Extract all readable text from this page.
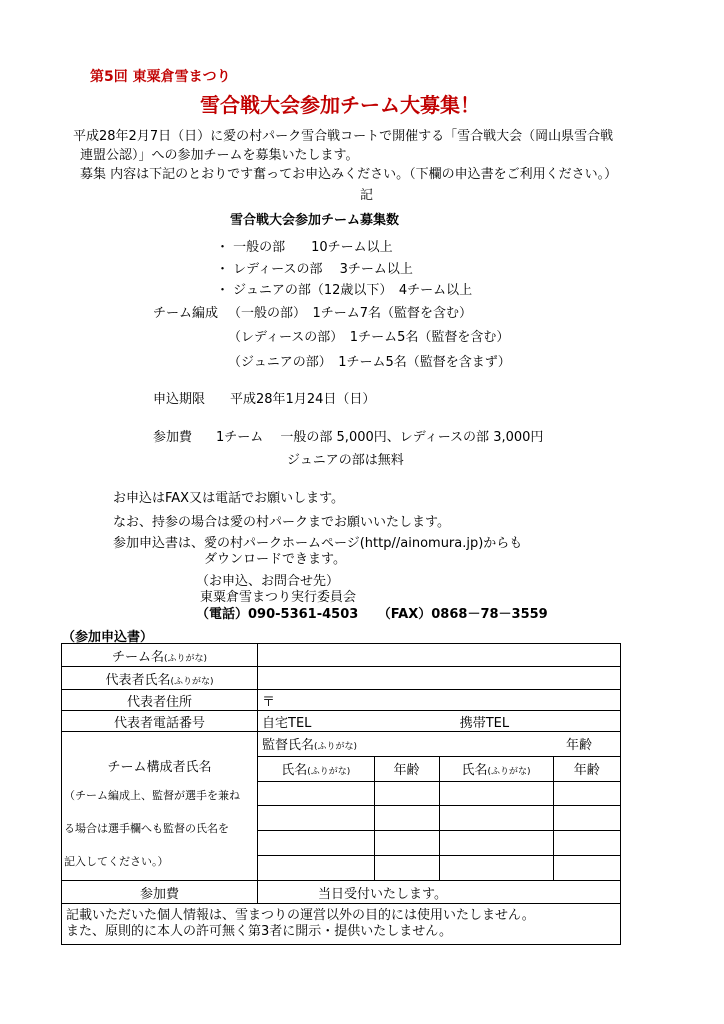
第5回 東粟倉雪まつり
雪合戦大会参加チーム大募集！
平成28年2月7日（日）に愛の村パーク雪合戦コートで開催する「雪合戦大会（岡山県雪合戦
連盟公認）」への参加チームを募集いたします。
募集 内容は下記のとおりです奮ってお申込みください。（下欄の申込書をご利用ください。）
記
雪合戦大会参加チーム募集数
・ 一般の部　　10チーム以上
・ レディースの部　 3チーム以上
・ ジュニアの部（12歳以下）　4チーム以上
チーム編成 （一般の部）　1チーム7名（監督を含む）
（レディースの部）　1チーム5名（監督を含む）
（ジュニアの部）　1チーム5名（監督を含まず）
申込期限 平成28年1月24日（日）
参加費 1チーム　 一般の部 5,000円、レディースの部 3,000円
ジュニアの部は無料
お申込はFAX又は電話でお願いします。
なお、持参の場合は愛の村パークまでお願いいたします。
参加申込書は、愛の村パークホームページ(http//ainomura.jp)からも
ダウンロードできます。
（お申込、お問合せ先）
東粟倉雪まつり実行委員会
（電話）090-5361-4503　　（FAX）0868－78－3559
（参加申込書）
チーム名(ふりがな)	
代表者氏名(ふりがな)	
代表者住所	〒
代表者電話番号	自宅TEL	携帯TEL

チーム構成者氏名
（チーム編成上、監督が選手を兼ね
る場合は選手欄へも監督の氏名を
記入してください。）

監督氏名(ふりがな)	年齢

氏名(ふりがな)	年齢	氏名(ふりがな)	年齢

参加費	当日受付いたします。

記載いただいた個人情報は、雪まつりの運営以外の目的には使用いたしません。
また、原則的に本人の許可無く第3者に開示・提供いたしません。
